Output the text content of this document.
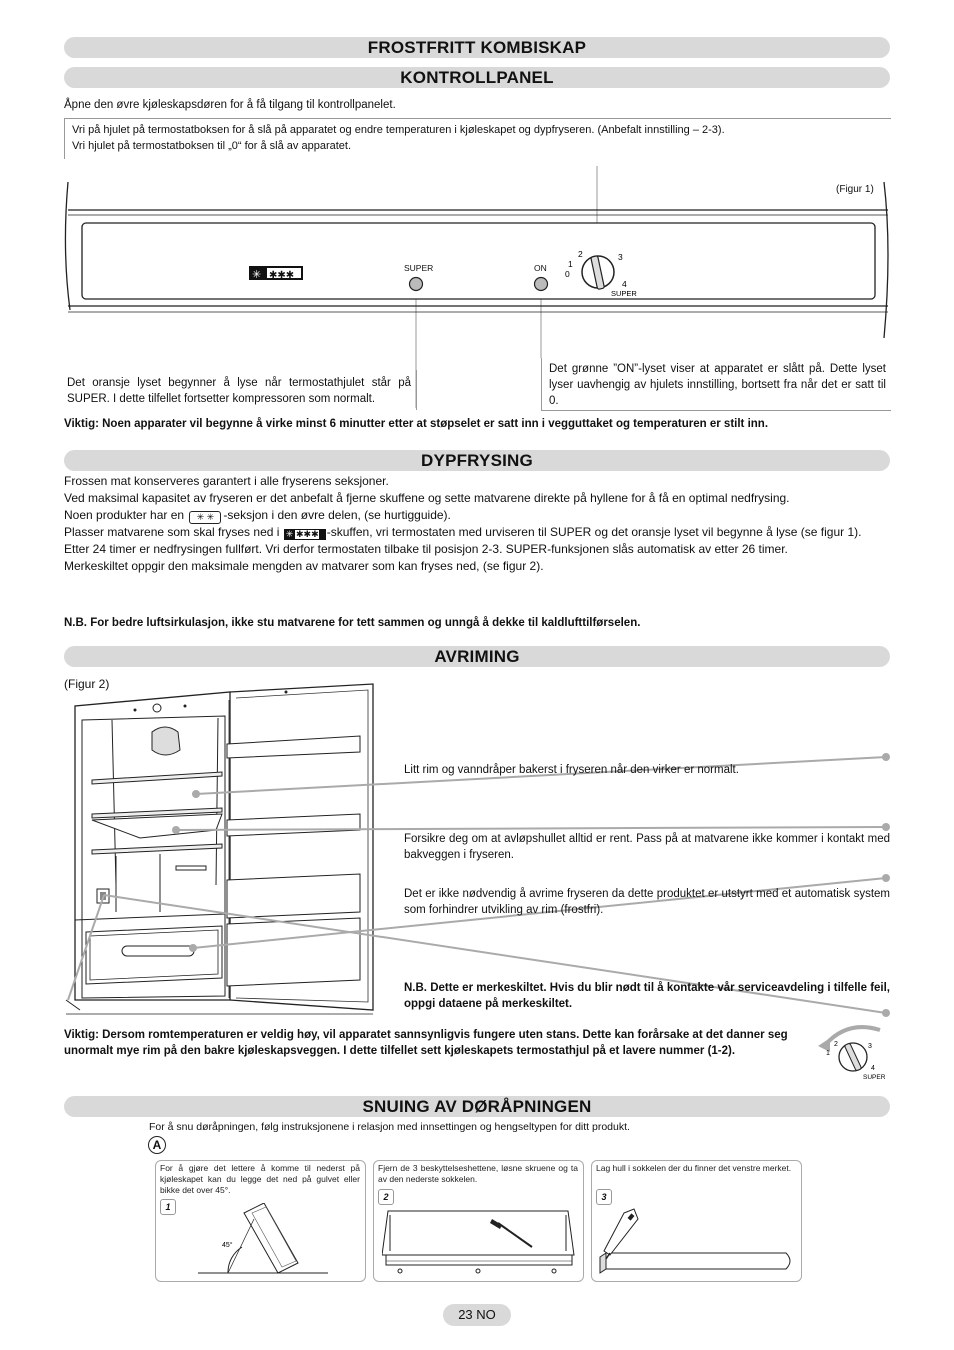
FROSTFRITT KOMBISKAP
KONTROLLPANEL
Åpne den øvre kjøleskapsdøren for å få tilgang til kontrollpanelet.
Vri på hjulet på termostatboksen for å slå på apparatet og endre temperaturen i kjøleskapet og dypfryseren. (Anbefalt innstilling – 2-3).
Vri hjulet på termostatboksen til „0“ for å slå av apparatet.
✳ ✱✱✱
SUPER	ON
0
1
2	3
4
SUPER
(Figur 1)
Det oransje lyset begynner å lyse når termostathjulet står på SUPER. I dette tilfellet fortsetter kompressoren som normalt.
Det grønne ”ON”-lyset viser at apparatet er slått på. Dette lyset lyser uavhengig av hjulets innstilling, bortsett fra når det er satt til 0.
Viktig: Noen apparater vil begynne å virke minst 6 minutter etter at støpselet er satt inn i vegguttaket og temperaturen er stilt inn.
DYPFRYSING
Frossen mat konserveres garantert i alle fryserens seksjoner.
Ved maksimal kapasitet av fryseren er det anbefalt å fjerne skuffene og sette matvarene direkte på hyllene for å få en optimal nedfrysing.
Noen produkter har en ✳ ✳ -seksjon i den øvre delen, (se hurtigguide).
Plasser matvarene som skal fryses ned i ✳ ✱✱✱ -skuffen, vri termostaten med urviseren til SUPER og det oransje lyset vil begynne å lyse (se figur 1).
Etter 24 timer er nedfrysingen fullført. Vri derfor termostaten tilbake til posisjon 2-3. SUPER-funksjonen slås automatisk av etter 26 timer.
Merkeskiltet oppgir den maksimale mengden av matvarer som kan fryses ned, (se figur 2).
N.B. For bedre luftsirkulasjon, ikke stu matvarene for tett sammen og unngå å dekke til kaldlufttilførselen.
AVRIMING
(Figur 2)
Litt rim og vanndråper bakerst i fryseren når den virker er normalt.
Forsikre deg om at avløpshullet alltid er rent. Pass på at matvarene ikke kommer i kontakt med bakveggen i fryseren.
Det er ikke nødvendig å avrime fryseren da dette produktet er utstyrt med et automatisk system som forhindrer utvikling av rim (frostfri).
N.B. Dette er merkeskiltet. Hvis du blir nødt til å kontakte vår serviceavdeling i tilfelle feil, oppgi dataene på merkeskiltet.
Viktig: Dersom romtemperaturen er veldig høy, vil apparatet sannsynligvis fungere uten stans. Dette kan forårsake at det danner seg unormalt mye rim på den bakre kjøleskapsveggen. I dette tilfellet sett kjøleskapets termostathjul på et lavere nummer (1-2).
2
1
3
4
SUPER
SNUING AV DØRÅPNINGEN
For å snu døråpningen, følg instruksjonene i relasjon med innsettingen og hengseltypen for ditt produkt.
A
For å gjøre det lettere å komme til nederst på kjøleskapet kan du legge det ned på gulvet eller bikke det over 45°.
1
45°
Fjern de 3 beskyttelseshettene, løsne skruene og ta av den nederste sokkelen.
2
Lag hull i sokkelen der du finner det venstre merket.
3
23 NO
